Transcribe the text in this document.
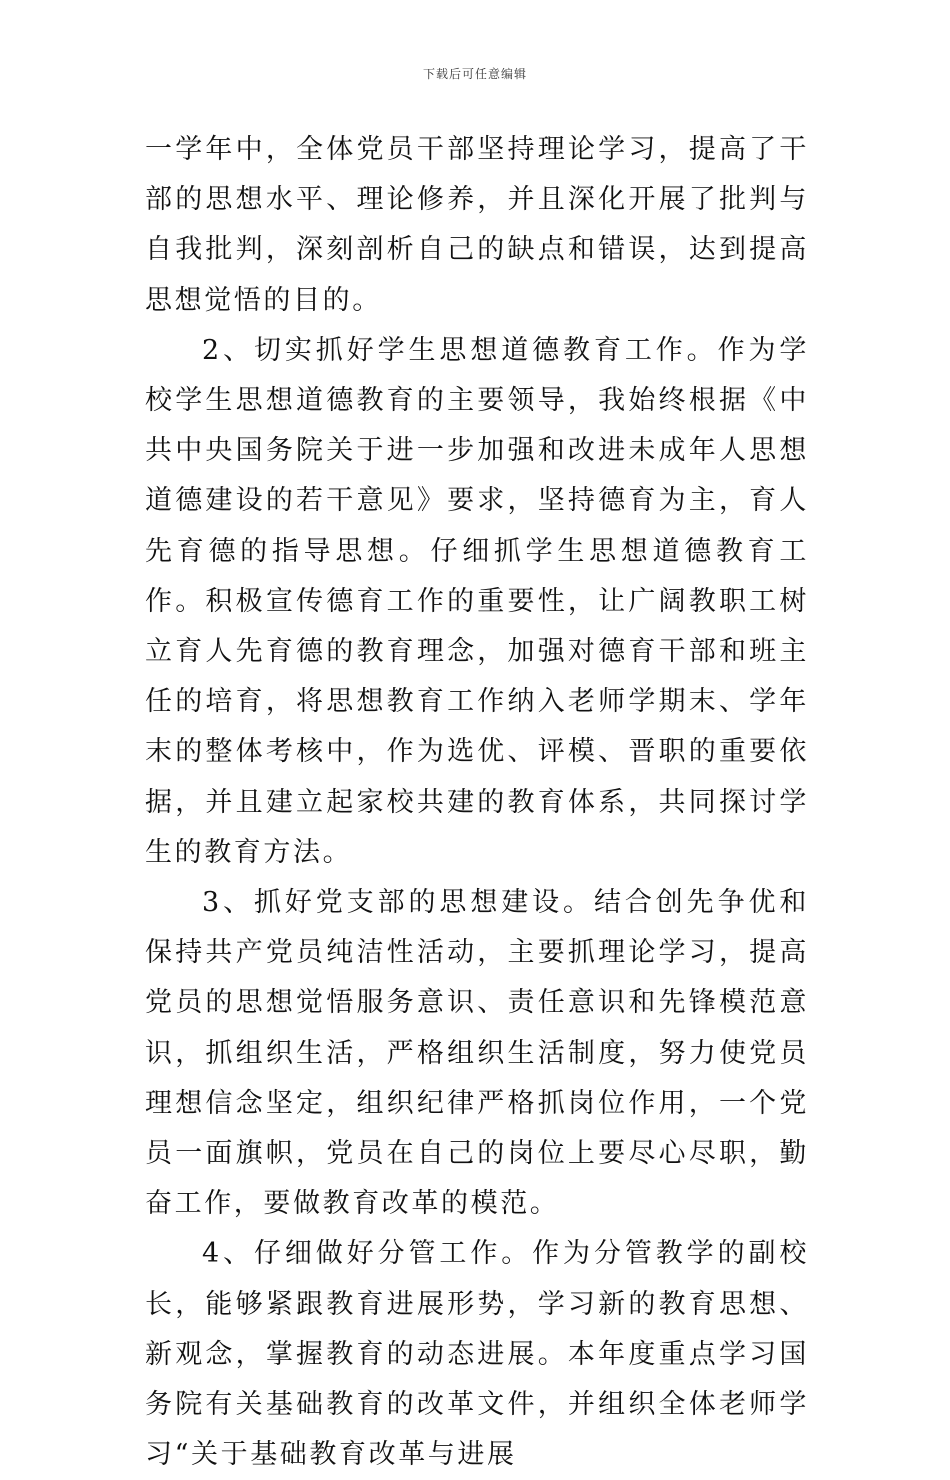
下载后可任意编辑

一学年中，全体党员干部坚持理论学习，提高了干部的思想水平、理论修养，并且深化开展了批判与自我批判，深刻剖析自己的缺点和错误，达到提高思想觉悟的目的。

2、切实抓好学生思想道德教育工作。作为学校学生思想道德教育的主要领导，我始终根据《中共中央国务院关于进一步加强和改进未成年人思想道德建设的若干意见》要求，坚持德育为主，育人先育德的指导思想。仔细抓学生思想道德教育工作。积极宣传德育工作的重要性，让广阔教职工树立育人先育德的教育理念，加强对德育干部和班主任的培育，将思想教育工作纳入老师学期末、学年末的整体考核中，作为选优、评模、晋职的重要依据，并且建立起家校共建的教育体系，共同探讨学生的教育方法。

3、抓好党支部的思想建设。结合创先争优和保持共产党员纯洁性活动，主要抓理论学习，提高党员的思想觉悟服务意识、责任意识和先锋模范意识，抓组织生活，严格组织生活制度，努力使党员理想信念坚定，组织纪律严格抓岗位作用，一个党员一面旗帜，党员在自己的岗位上要尽心尽职，勤奋工作，要做教育改革的模范。

4、仔细做好分管工作。作为分管教学的副校长，能够紧跟教育进展形势，学习新的教育思想、新观念，掌握教育的动态进展。本年度重点学习国务院有关基础教育的改革文件，并组织全体老师学习“关于基础教育改革与进展
